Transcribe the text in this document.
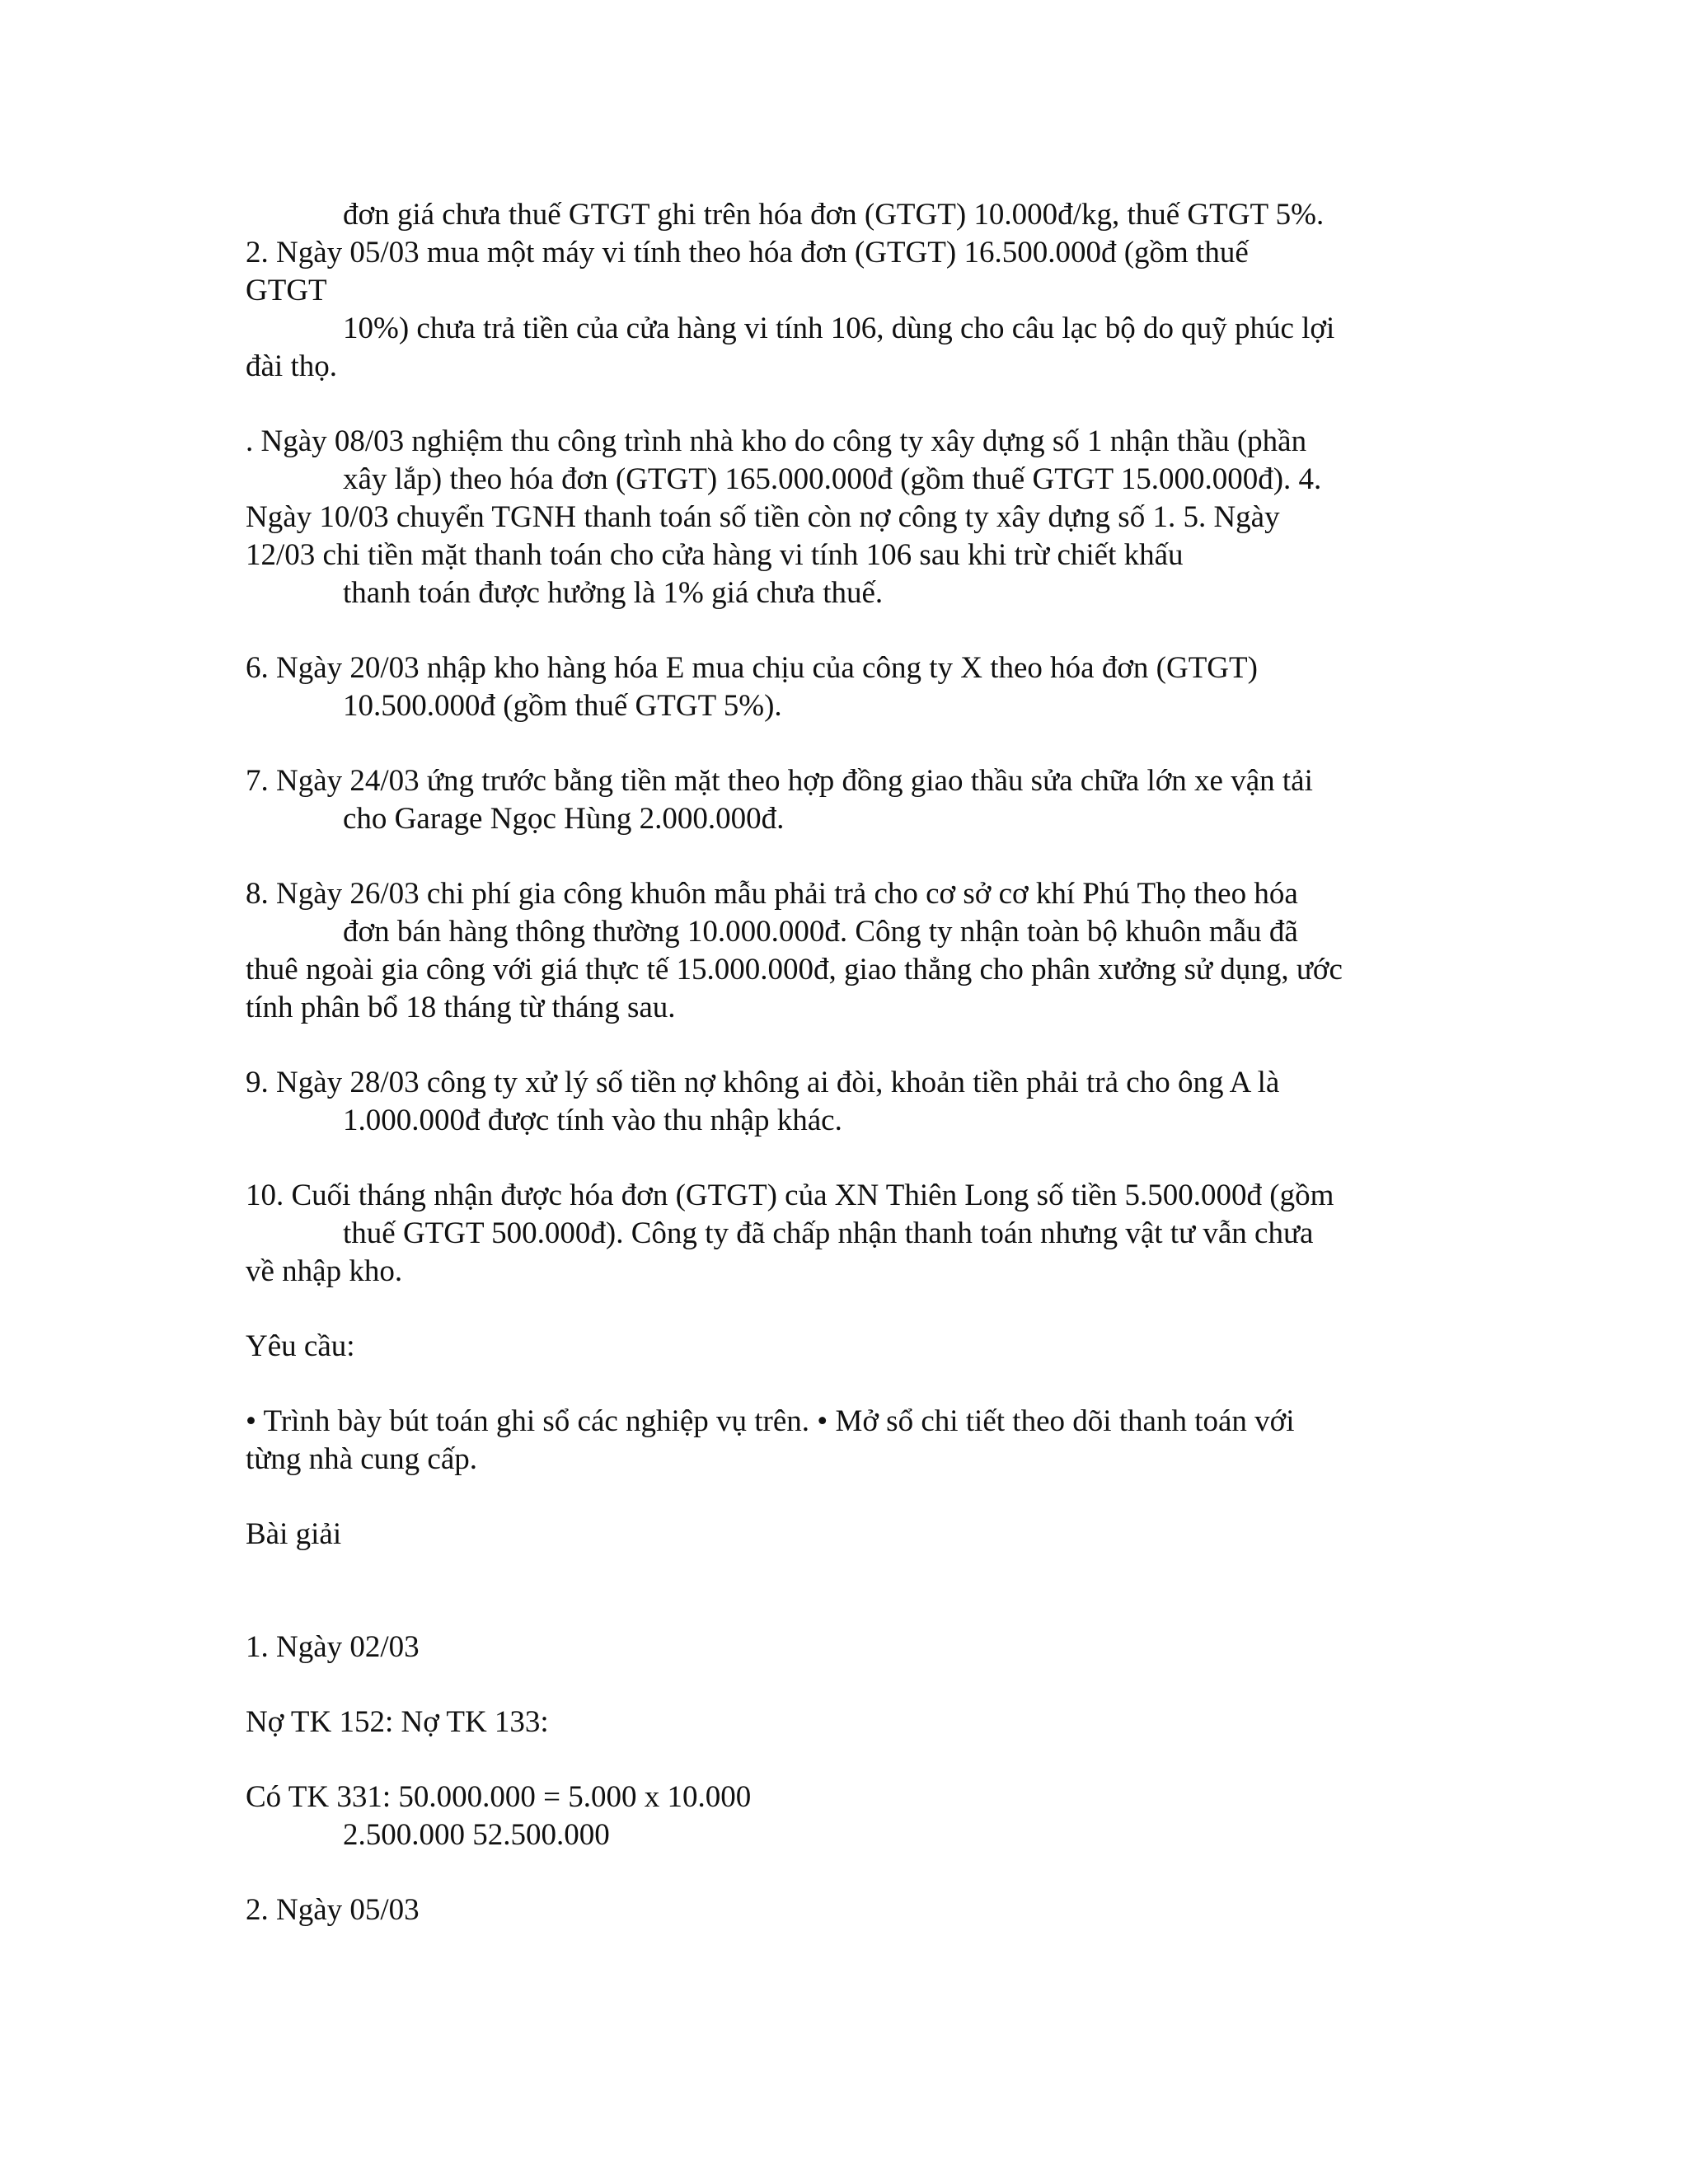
đơn giá chưa thuế GTGT ghi trên hóa đơn (GTGT) 10.000đ/kg, thuế GTGT 5%.
2. Ngày 05/03 mua một máy vi tính theo hóa đơn (GTGT) 16.500.000đ (gồm thuế
GTGT
10%) chưa trả tiền của cửa hàng vi tính 106, dùng cho câu lạc bộ do quỹ phúc lợi
đài thọ.
. Ngày 08/03 nghiệm thu công trình nhà kho do công ty xây dựng số 1 nhận thầu (phần
xây lắp) theo hóa đơn (GTGT) 165.000.000đ (gồm thuế GTGT 15.000.000đ). 4.
Ngày 10/03 chuyển TGNH thanh toán số tiền còn nợ công ty xây dựng số 1. 5. Ngày
12/03 chi tiền mặt thanh toán cho cửa hàng vi tính 106 sau khi trừ chiết khấu
thanh toán được hưởng là 1% giá chưa thuế.
6. Ngày 20/03 nhập kho hàng hóa E mua chịu của công ty X theo hóa đơn (GTGT)
10.500.000đ (gồm thuế GTGT 5%).
7. Ngày 24/03 ứng trước bằng tiền mặt theo hợp đồng giao thầu sửa chữa lớn xe vận tải
cho Garage Ngọc Hùng 2.000.000đ.
8. Ngày 26/03 chi phí gia công khuôn mẫu phải trả cho cơ sở cơ khí Phú Thọ theo hóa
đơn bán hàng thông thường 10.000.000đ. Công ty nhận toàn bộ khuôn mẫu đã
thuê ngoài gia công với giá thực tế 15.000.000đ, giao thẳng cho phân xưởng sử dụng, ước
tính phân bổ 18 tháng từ tháng sau.
9. Ngày 28/03 công ty xử lý số tiền nợ không ai đòi, khoản tiền phải trả cho ông A là
1.000.000đ được tính vào thu nhập khác.
10. Cuối tháng nhận được hóa đơn (GTGT) của XN Thiên Long số tiền 5.500.000đ (gồm
thuế GTGT 500.000đ). Công ty đã chấp nhận thanh toán nhưng vật tư vẫn chưa
về nhập kho.
Yêu cầu:
• Trình bày bút toán ghi sổ các nghiệp vụ trên. • Mở sổ chi tiết theo dõi thanh toán với
từng nhà cung cấp.
Bài giải
1. Ngày 02/03
Nợ TK 152: Nợ TK 133:
Có TK 331: 50.000.000 = 5.000 x 10.000
2.500.000 52.500.000
2. Ngày 05/03
